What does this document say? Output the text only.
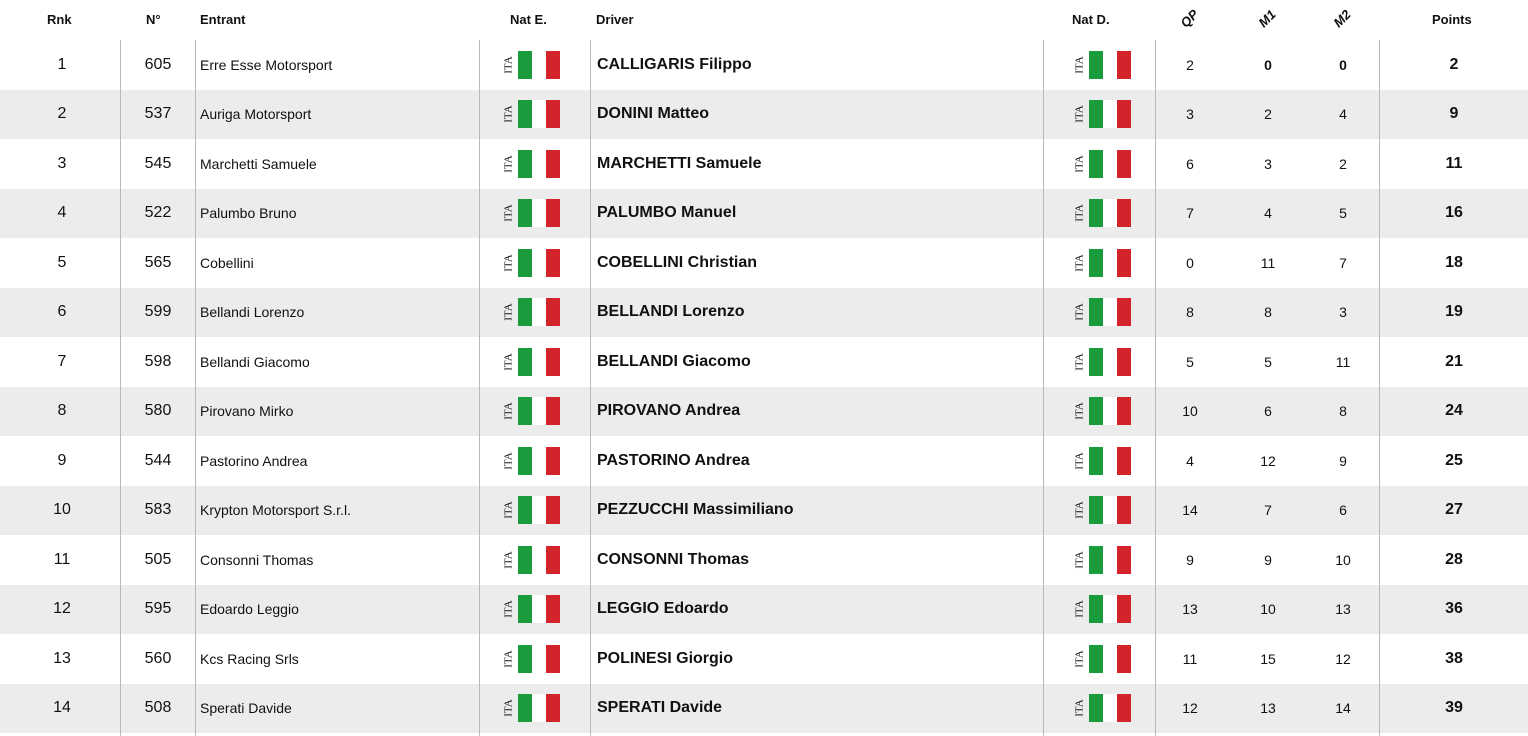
Rnk	N°	Entrant	Nat E.	Driver	Nat D.	QP	M1	M2	Points
1	605	Erre Esse Motorsport	ITA	CALLIGARIS Filippo	ITA	2	0	0	2
2	537	Auriga Motorsport	ITA	DONINI Matteo	ITA	3	2	4	9
3	545	Marchetti Samuele	ITA	MARCHETTI Samuele	ITA	6	3	2	11
4	522	Palumbo Bruno	ITA	PALUMBO Manuel	ITA	7	4	5	16
5	565	Cobellini	ITA	COBELLINI Christian	ITA	0	11	7	18
6	599	Bellandi Lorenzo	ITA	BELLANDI Lorenzo	ITA	8	8	3	19
7	598	Bellandi Giacomo	ITA	BELLANDI Giacomo	ITA	5	5	11	21
8	580	Pirovano Mirko	ITA	PIROVANO Andrea	ITA	10	6	8	24
9	544	Pastorino Andrea	ITA	PASTORINO Andrea	ITA	4	12	9	25
10	583	Krypton Motorsport S.r.l.	ITA	PEZZUCCHI Massimiliano	ITA	14	7	6	27
11	505	Consonni Thomas	ITA	CONSONNI Thomas	ITA	9	9	10	28
12	595	Edoardo Leggio	ITA	LEGGIO Edoardo	ITA	13	10	13	36
13	560	Kcs Racing Srls	ITA	POLINESI Giorgio	ITA	11	15	12	38
14	508	Sperati Davide	ITA	SPERATI Davide	ITA	12	13	14	39
